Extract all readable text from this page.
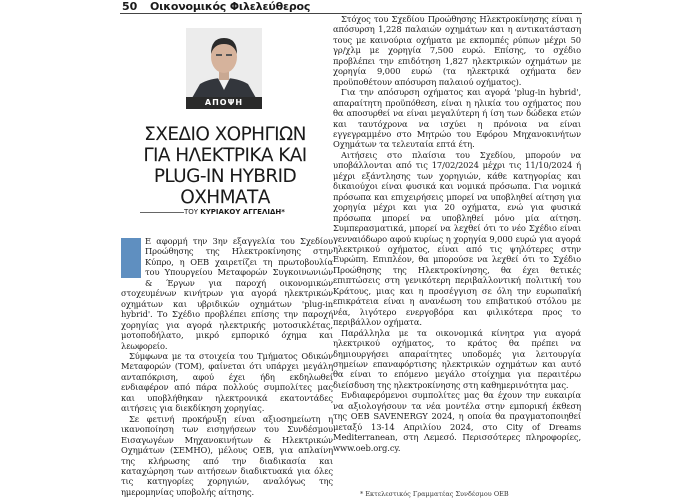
50 Οικονομικός Φιλελεύθερος
ΑΠΟΨΗ
ΣΧΕΔΙΟ ΧΟΡΗΓΙΩΝ
ΓΙΑ ΗΛΕΚΤΡΙΚΑ ΚΑΙ
PLUG-IN HYBRID
ΟΧΗΜΑΤΑ
ΤΟΥ ΚΥΡΙΑΚΟΥ ΑΓΓΕΛΙΔΗ*

Ε αφορμή την 3ην εξαγγελία του Σχεδίου Προώθησης της Ηλεκτροκίνησης στην Κύπρο, η ΟΕΒ χαιρετίζει τη πρωτοβουλία του Υπουργείου Μεταφορών Συγκοινωνιών & Έργων για παροχή οικονομικών στοχευμένων κινήτρων για αγορά ηλεκτρικών οχημάτων και υβριδικών οχημάτων 'plug-in hybrid'. Το Σχέδιο προβλέπει επίσης την παροχή χορηγίας για αγορά ηλεκτρικής μοτοσικλέτας, μοτοποδήλατο, μικρό εμπορικό όχημα και λεωφορείο.

Σύμφωνα με τα στοιχεία του Τμήματος Οδικών Μεταφορών (ΤΟΜ), φαίνεται ότι υπάρχει μεγάλη ανταπόκριση, αφού έχει ήδη εκδηλωθεί ενδιαφέρον από πάρα πολλούς συμπολίτες μας και υποβλήθηκαν ηλεκτρονικά εκατοντάδες αιτήσεις για διεκδίκηση χορηγίας.

Σε φετινή προκήρυξη είναι αξιοσημείωτη η ικανοποίηση των εισηγήσεων του Συνδέσμου Εισαγωγέων Μηχανοκινήτων & Ηλεκτρικών Οχημάτων (ΣΕΜΗΟ), μέλους ΟΕΒ, για απλαίνη της κλήρωσης από την διαδικασία και καταχώρηση των αιτήσεων διαδικτυακά για όλες τις κατηγορίες χορηγιών, αναλόγως της ημερομηνίας υποβολής αίτησης.

Στόχος του Σχεδίου Προώθησης Ηλεκτροκίνησης είναι η απόσυρση 1,228 παλαιών οχημάτων και η αντικατάσταση τους με καινούρια οχήματα με εκπομπές ρύπων μέχρι 50 γρ/χλμ με χορηγία 7,500 ευρώ. Επίσης, το σχέδιο προβλέπει την επιδότηση 1,827 ηλεκτρικών οχημάτων με χορηγία 9,000 ευρώ (τα ηλεκτρικά οχήματα δεν προϋποθέτουν απόσυρση παλαιού οχήματος).

Για την απόσυρση οχήματος και αγορά 'plug-in hybrid', απαραίτητη προϋπόθεση, είναι η ηλικία του οχήματος που θα αποσυρθεί να είναι μεγαλύτερη ή ίση των δώδεκα ετών και ταυτόχρονα να ισχύει η πρόνοια να είναι εγγεγραμμένο στο Μητρώο του Εφόρου Μηχανοκινήτων Οχημάτων τα τελευταία επτά έτη.

Αιτήσεις στο πλαίσια του Σχεδίου, μπορούν να υποβάλλονται από τις 17/02/2024 μέχρι τις 11/10/2024 ή μέχρι εξάντλησης των χορηγιών, κάθε κατηγορίας και δικαιούχοι είναι φυσικά και νομικά πρόσωπα. Για νομικά πρόσωπα και επιχειρήσεις μπορεί να υποβληθεί αίτηση για χορηγία μέχρι και για 20 οχήματα, ενώ για φυσικά πρόσωπα μπορεί να υποβληθεί μόνο μία αίτηση. Συμπερασματικά, μπορεί να λεχθεί ότι το νέο Σχέδιο είναι γενναιόδωρο αφού κυρίως η χορηγία 9,000 ευρώ για αγορά ηλεκτρικού οχήματος, είναι από τις ψηλότερες στην Ευρώπη. Επιπλέον, θα μπορούσε να λεχθεί ότι το Σχέδιο Προώθησης της Ηλεκτροκίνησης, θα έχει θετικές επιπτώσεις στη γενικότερη περιβαλλοντική πολιτική του Κράτους, μιας και η προσέγγιση σε όλη την ευρωπαϊκή επικράτεια είναι η ανανέωση του επιβατικού στόλου με νέα, λιγότερο ενεργοβόρα και φιλικότερα προς το περιβάλλον οχήματα.

Παράλληλα με τα οικονομικά κίνητρα για αγορά ηλεκτρικού οχήματος, το κράτος θα πρέπει να δημιουργήσει απαραίτητες υποδομές για λειτουργία σημείων επαναφόρτισης ηλεκτρικών οχημάτων και αυτό θα είναι το επόμενο μεγάλο στοίχημα για περαιτέρω διείσδυση της ηλεκτροκίνησης στη καθημερινότητα μας.

Ενδιαφερόμενοι συμπολίτες μας θα έχουν την ευκαιρία να αξιολογήσουν τα νέα μοντέλα στην εμπορική έκθεση της ΟΕΒ SAVENERGY 2024, η οποία θα πραγματοποιηθεί μεταξύ 13-14 Απριλίου 2024, στο City of Dreams Mediterranean, στη Λεμεσό. Περισσότερες πληροφορίες, www.oeb.org.cy.

* Εκτελεστικός Γραμματέας Συνδέσμου ΟΕΒ
